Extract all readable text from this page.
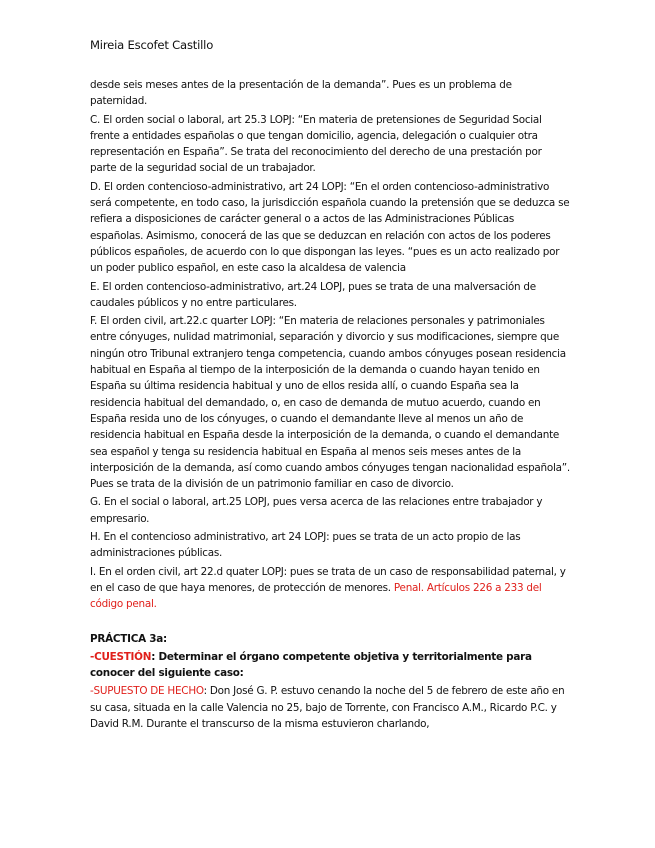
Mireia Escofet Castillo

desde seis meses antes de la presentación de la demanda”. Pues es un problema de paternidad.

C. El orden social o laboral, art 25.3 LOPJ: “En materia de pretensiones de Seguridad Social frente a entidades españolas o que tengan domicilio, agencia, delegación o cualquier otra representación en España”. Se trata del reconocimiento del derecho de una prestación por parte de la seguridad social de un trabajador.

D. El orden contencioso-administrativo, art 24 LOPJ: “En el orden contencioso-administrativo será competente, en todo caso, la jurisdicción española cuando la pretensión que se deduzca se refiera a disposiciones de carácter general o a actos de las Administraciones Públicas españolas. Asimismo, conocerá de las que se deduzcan en relación con actos de los poderes públicos españoles, de acuerdo con lo que dispongan las leyes. “pues es un acto realizado por un poder publico español, en este caso la alcaldesa de valencia

E. El orden contencioso-administrativo, art.24 LOPJ, pues se trata de una malversación de caudales públicos y no entre particulares.

F. El orden civil, art.22.c quarter LOPJ: “En materia de relaciones personales y patrimoniales entre cónyuges, nulidad matrimonial, separación y divorcio y sus modificaciones, siempre que ningún otro Tribunal extranjero tenga competencia, cuando ambos cónyuges posean residencia habitual en España al tiempo de la interposición de la demanda o cuando hayan tenido en España su última residencia habitual y uno de ellos resida allí, o cuando España sea la residencia habitual del demandado, o, en caso de demanda de mutuo acuerdo, cuando en España resida uno de los cónyuges, o cuando el demandante lleve al menos un año de residencia habitual en España desde la interposición de la demanda, o cuando el demandante sea español y tenga su residencia habitual en España al menos seis meses antes de la interposición de la demanda, así como cuando ambos cónyuges tengan nacionalidad española”. Pues se trata de la división de un patrimonio familiar en caso de divorcio.

G. En el social o laboral, art.25 LOPJ, pues versa acerca de las relaciones entre trabajador y empresario.

H. En el contencioso administrativo, art 24 LOPJ: pues se trata de un acto propio de las administraciones públicas.

I. En el orden civil, art 22.d quater LOPJ: pues se trata de un caso de responsabilidad paternal, y en el caso de que haya menores, de protección de menores. Penal. Artículos 226 a 233 del código penal.

PRÁCTICA 3a:

-CUESTIÓN: Determinar el órgano competente objetiva y territorialmente para conocer del siguiente caso:

-SUPUESTO DE HECHO: Don José G. P. estuvo cenando la noche del 5 de febrero de este año en su casa, situada en la calle Valencia no 25, bajo de Torrente, con Francisco A.M., Ricardo P.C. y David R.M. Durante el transcurso de la misma estuvieron charlando,
